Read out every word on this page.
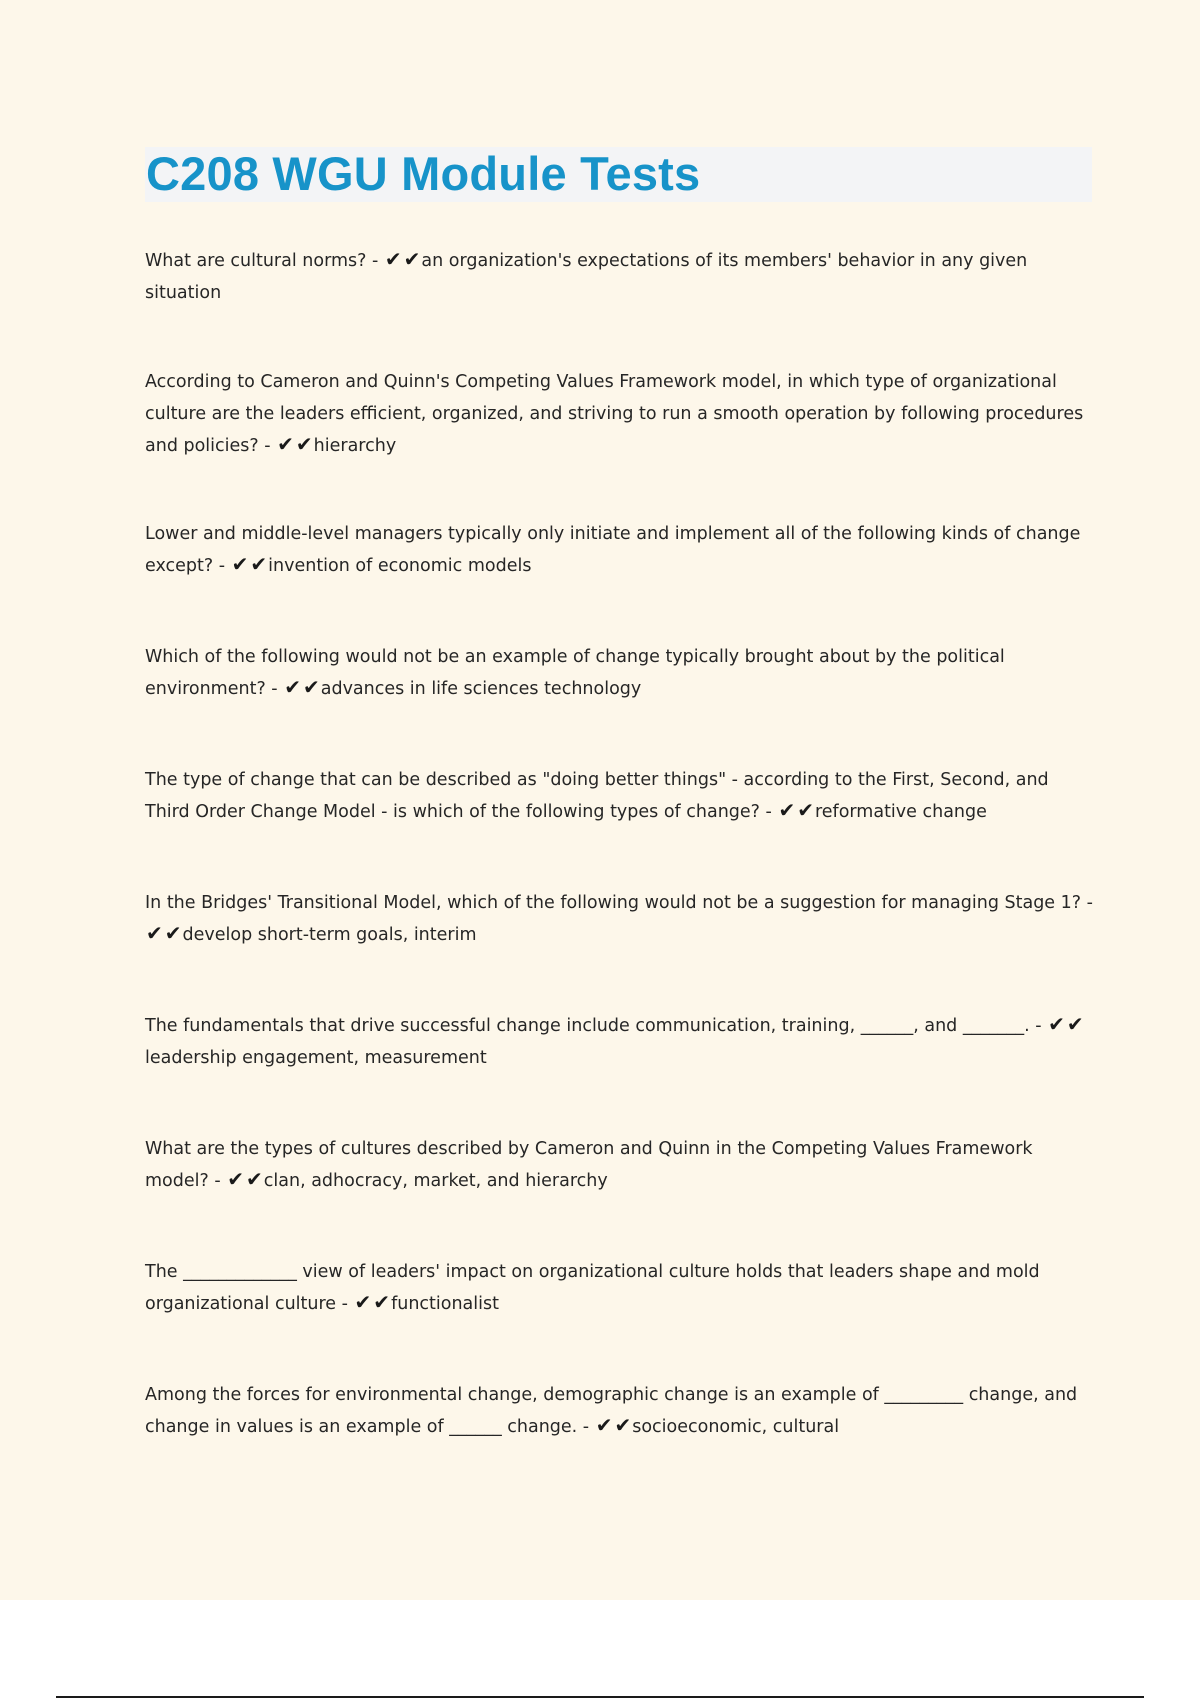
C208 WGU Module Tests

What are cultural norms? - ✔ ✔an organization's expectations of its members' behavior in any given situation

According to Cameron and Quinn's Competing Values Framework model, in which type of organizational culture are the leaders efficient, organized, and striving to run a smooth operation by following procedures and policies? - ✔ ✔hierarchy

Lower and middle-level managers typically only initiate and implement all of the following kinds of change except? - ✔ ✔invention of economic models

Which of the following would not be an example of change typically brought about by the political environment? - ✔ ✔advances in life sciences technology

The type of change that can be described as "doing better things" - according to the First, Second, and Third Order Change Model - is which of the following types of change? - ✔ ✔reformative change

In the Bridges' Transitional Model, which of the following would not be a suggestion for managing Stage 1? - ✔ ✔develop short-term goals, interim

The fundamentals that drive successful change include communication, training, ______, and _______. - ✔ ✔leadership engagement, measurement

What are the types of cultures described by Cameron and Quinn in the Competing Values Framework model? - ✔ ✔clan, adhocracy, market, and hierarchy

The _____________ view of leaders' impact on organizational culture holds that leaders shape and mold organizational culture - ✔ ✔functionalist

Among the forces for environmental change, demographic change is an example of _________ change, and change in values is an example of ______ change. - ✔ ✔socioeconomic, cultural
